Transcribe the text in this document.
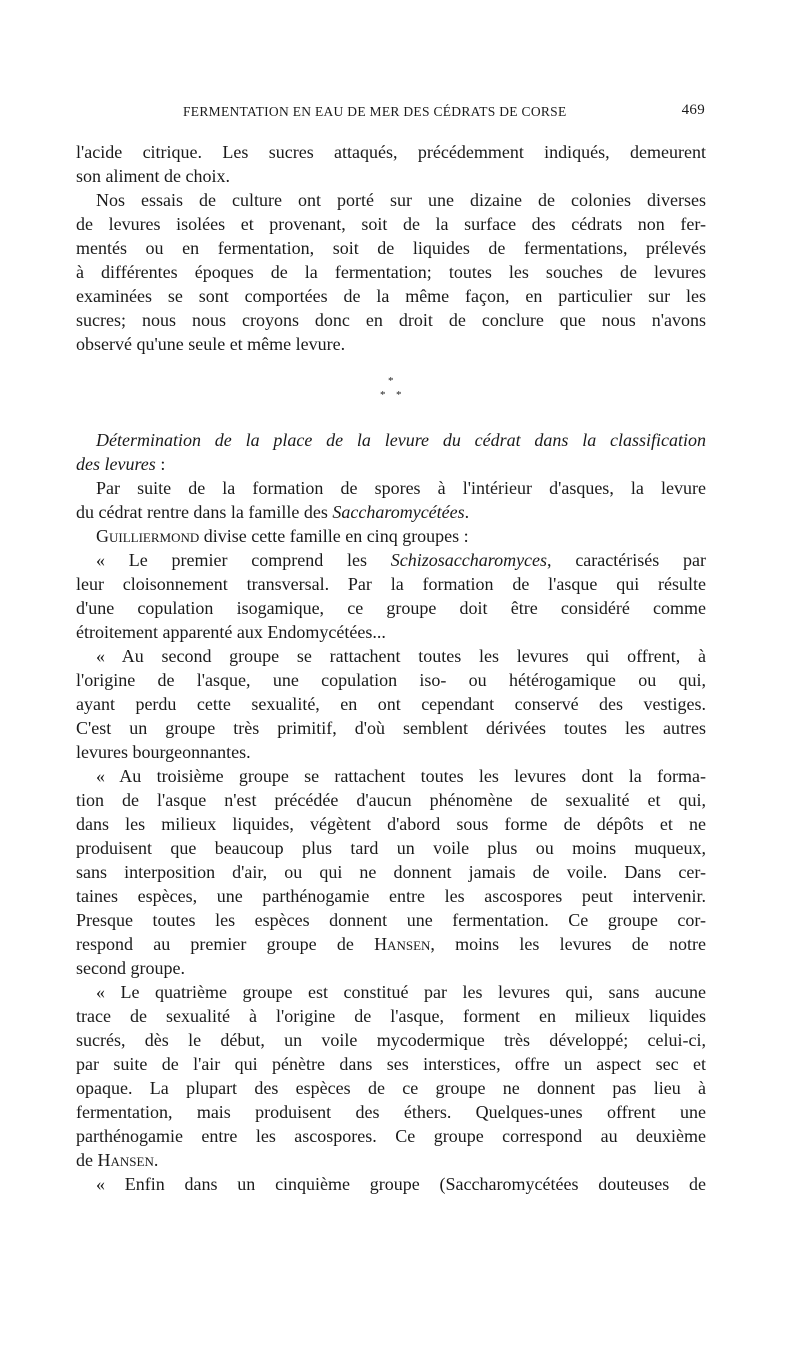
FERMENTATION EN EAU DE MER DES CÉDRATS DE CORSE	469
l'acide citrique. Les sucres attaqués, précédemment indiqués, demeurent
son aliment de choix.
Nos essais de culture ont porté sur une dizaine de colonies diverses
de levures isolées et provenant, soit de la surface des cédrats non fer-
mentés ou en fermentation, soit de liquides de fermentations, prélevés
à différentes époques de la fermentation; toutes les souches de levures
examinées se sont comportées de la même façon, en particulier sur les
sucres; nous nous croyons donc en droit de conclure que nous n'avons
observé qu'une seule et même levure.
*
* *
Détermination de la place de la levure du cédrat dans la classification
des levures :
Par suite de la formation de spores à l'intérieur d'asques, la levure
du cédrat rentre dans la famille des Saccharomycétées.
Guilliermond divise cette famille en cinq groupes :
« Le premier comprend les Schizosaccharomyces, caractérisés par
leur cloisonnement transversal. Par la formation de l'asque qui résulte
d'une copulation isogamique, ce groupe doit être considéré comme
étroitement apparenté aux Endomycétées...
« Au second groupe se rattachent toutes les levures qui offrent, à
l'origine de l'asque, une copulation iso- ou hétérogamique ou qui,
ayant perdu cette sexualité, en ont cependant conservé des vestiges.
C'est un groupe très primitif, d'où semblent dérivées toutes les autres
levures bourgeonnantes.
« Au troisième groupe se rattachent toutes les levures dont la forma-
tion de l'asque n'est précédée d'aucun phénomène de sexualité et qui,
dans les milieux liquides, végètent d'abord sous forme de dépôts et ne
produisent que beaucoup plus tard un voile plus ou moins muqueux,
sans interposition d'air, ou qui ne donnent jamais de voile. Dans cer-
taines espèces, une parthénogamie entre les ascospores peut intervenir.
Presque toutes les espèces donnent une fermentation. Ce groupe cor-
respond au premier groupe de Hansen, moins les levures de notre
second groupe.
« Le quatrième groupe est constitué par les levures qui, sans aucune
trace de sexualité à l'origine de l'asque, forment en milieux liquides
sucrés, dès le début, un voile mycodermique très développé; celui-ci,
par suite de l'air qui pénètre dans ses interstices, offre un aspect sec et
opaque. La plupart des espèces de ce groupe ne donnent pas lieu à
fermentation, mais produisent des éthers. Quelques-unes offrent une
parthénogamie entre les ascospores. Ce groupe correspond au deuxième
de Hansen.
« Enfin dans un cinquième groupe (Saccharomycétées douteuses de
